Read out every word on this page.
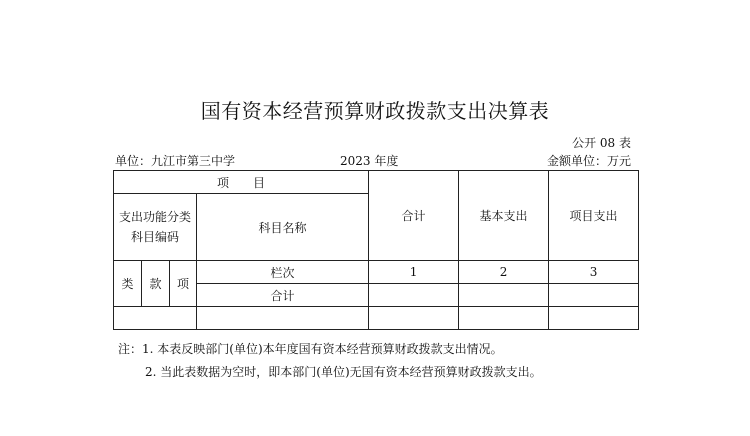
国有资本经营预算财政拨款支出决算表
公开 08 表
单位：九江市第三中学	2023 年度	金额单位：万元
项　　目				合计	基本支出	项目支出
支出功能分类科目编码			科目名称			
类	款	项	栏次	1	2	3
			合计			

注：1. 本表反映部门(单位)本年度国有资本经营预算财政拨款支出情况。
2. 当此表数据为空时，即本部门(单位)无国有资本经营预算财政拨款支出。
